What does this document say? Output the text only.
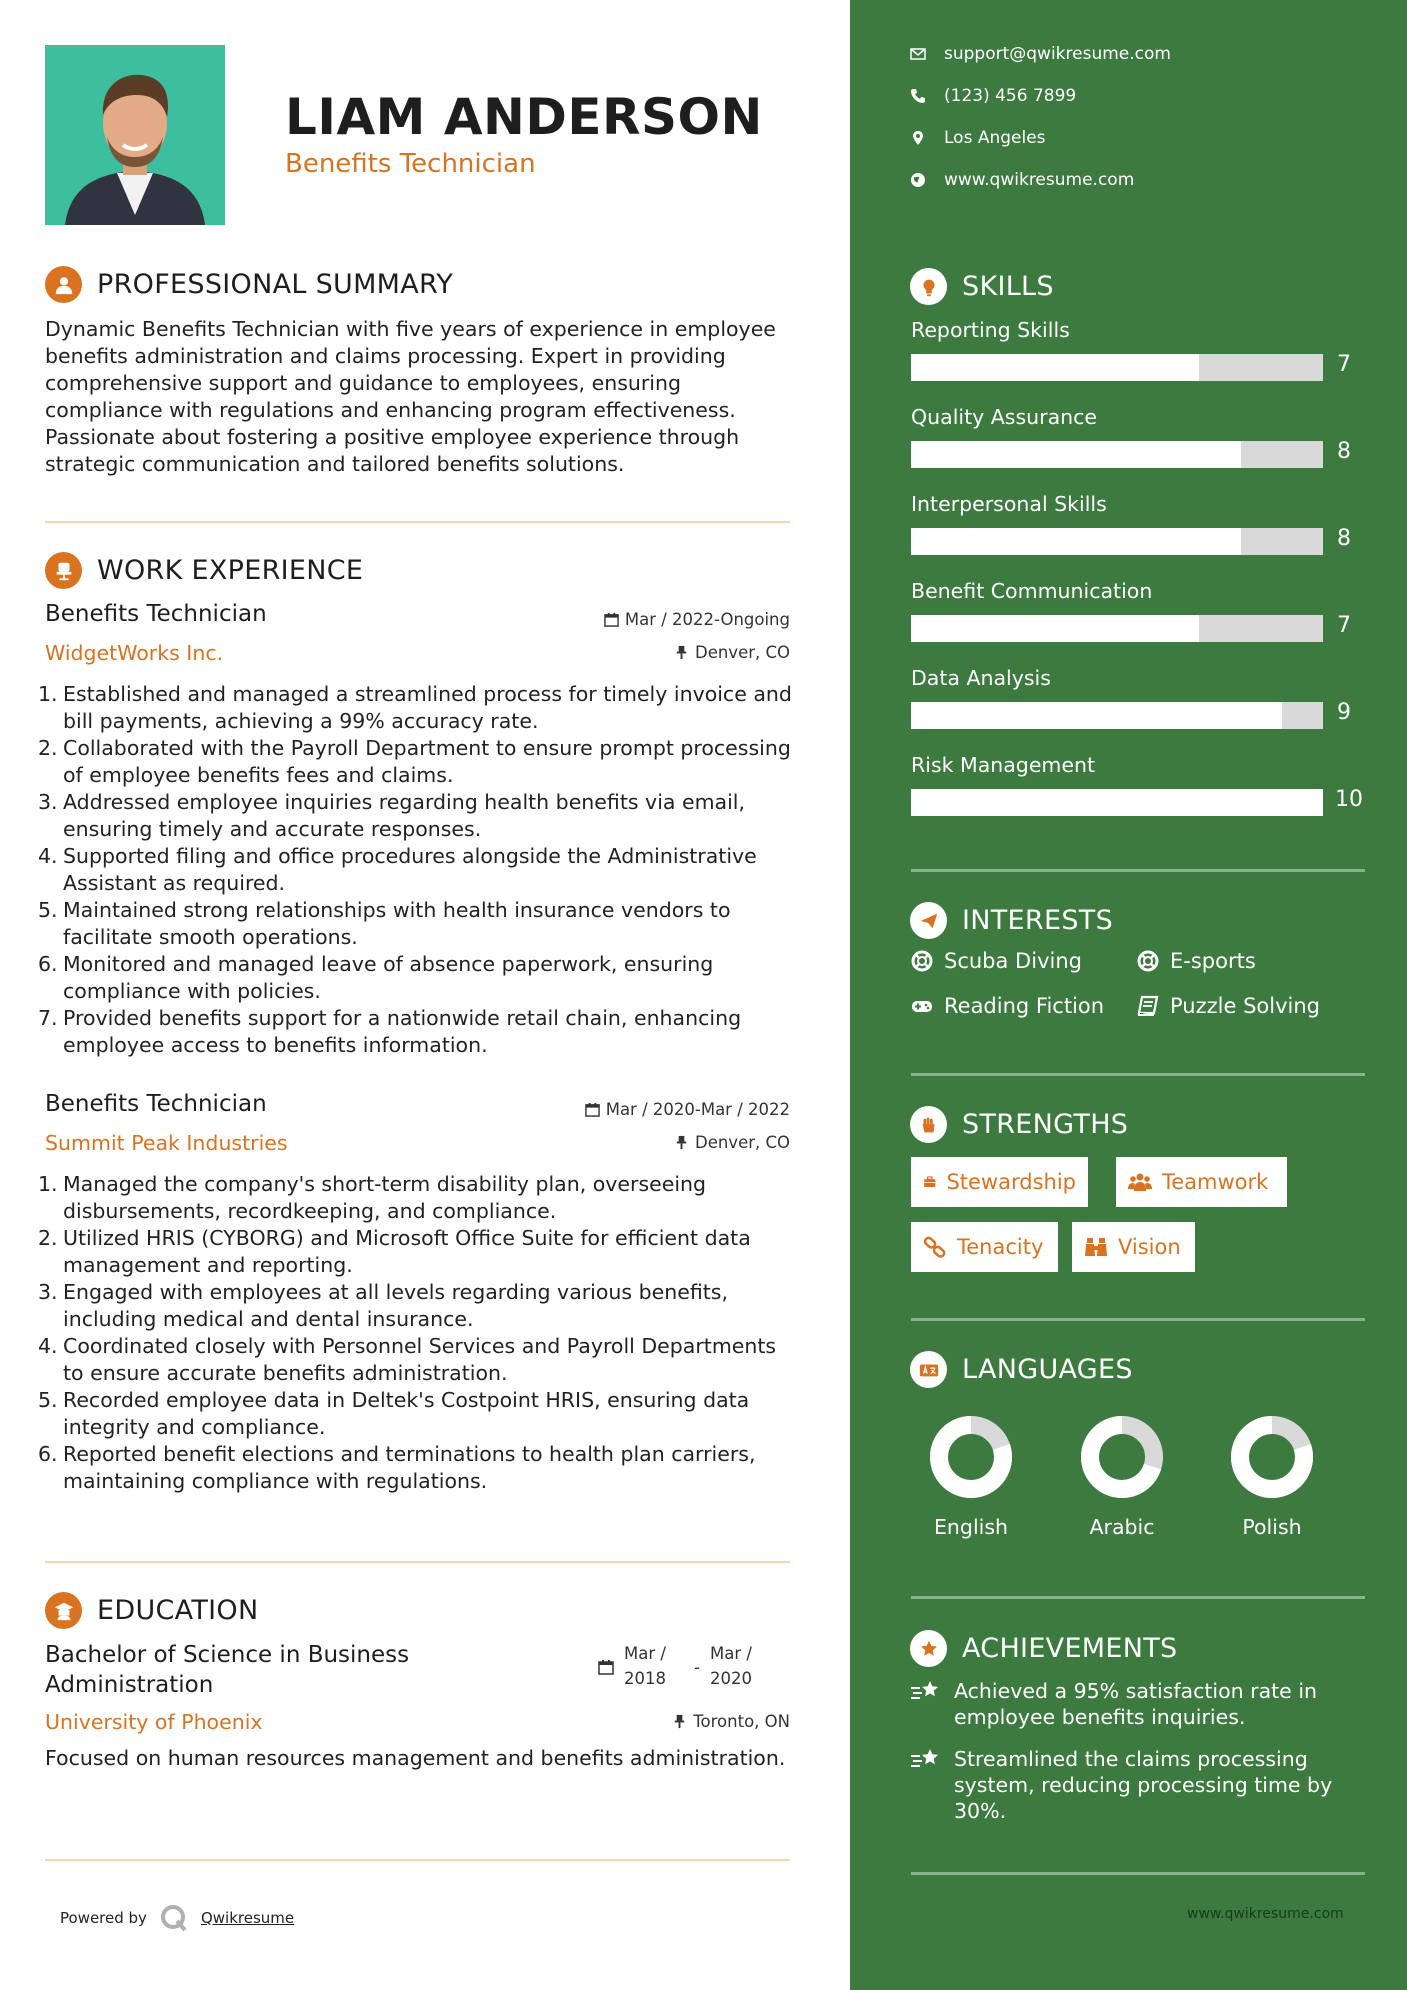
LIAM ANDERSON
Benefits Technician
PROFESSIONAL SUMMARY
Dynamic Benefits Technician with five years of experience in employee benefits administration and claims processing. Expert in providing comprehensive support and guidance to employees, ensuring compliance with regulations and enhancing program effectiveness. Passionate about fostering a positive employee experience through strategic communication and tailored benefits solutions.
WORK EXPERIENCE
Benefits Technician	Mar / 2022-Ongoing
WidgetWorks Inc.	Denver, CO
1. Established and managed a streamlined process for timely invoice and bill payments, achieving a 99% accuracy rate.
2. Collaborated with the Payroll Department to ensure prompt processing of employee benefits fees and claims.
3. Addressed employee inquiries regarding health benefits via email, ensuring timely and accurate responses.
4. Supported filing and office procedures alongside the Administrative Assistant as required.
5. Maintained strong relationships with health insurance vendors to facilitate smooth operations.
6. Monitored and managed leave of absence paperwork, ensuring compliance with policies.
7. Provided benefits support for a nationwide retail chain, enhancing employee access to benefits information.
Benefits Technician	Mar / 2020-Mar / 2022
Summit Peak Industries	Denver, CO
1. Managed the company's short-term disability plan, overseeing disbursements, recordkeeping, and compliance.
2. Utilized HRIS (CYBORG) and Microsoft Office Suite for efficient data management and reporting.
3. Engaged with employees at all levels regarding various benefits, including medical and dental insurance.
4. Coordinated closely with Personnel Services and Payroll Departments to ensure accurate benefits administration.
5. Recorded employee data in Deltek's Costpoint HRIS, ensuring data integrity and compliance.
6. Reported benefit elections and terminations to health plan carriers, maintaining compliance with regulations.
EDUCATION
Bachelor of Science in Business Administration
Mar / 2018
-
Mar / 2020
University of Phoenix	Toronto, ON
Focused on human resources management and benefits administration.
Powered by	Qwikresume
support@qwikresume.com
(123) 456 7899
Los Angeles
www.qwikresume.com
SKILLS
Reporting Skills
7
Quality Assurance
8
Interpersonal Skills
8
Benefit Communication
7
Data Analysis
9
Risk Management
10
INTERESTS
Scuba Diving	E-sports
Reading Fiction	Puzzle Solving
STRENGTHS
Stewardship	Teamwork
Tenacity	Vision
LANGUAGES
English	Arabic	Polish
ACHIEVEMENTS
Achieved a 95% satisfaction rate in employee benefits inquiries.
Streamlined the claims processing system, reducing processing time by 30%.
www.qwikresume.com
